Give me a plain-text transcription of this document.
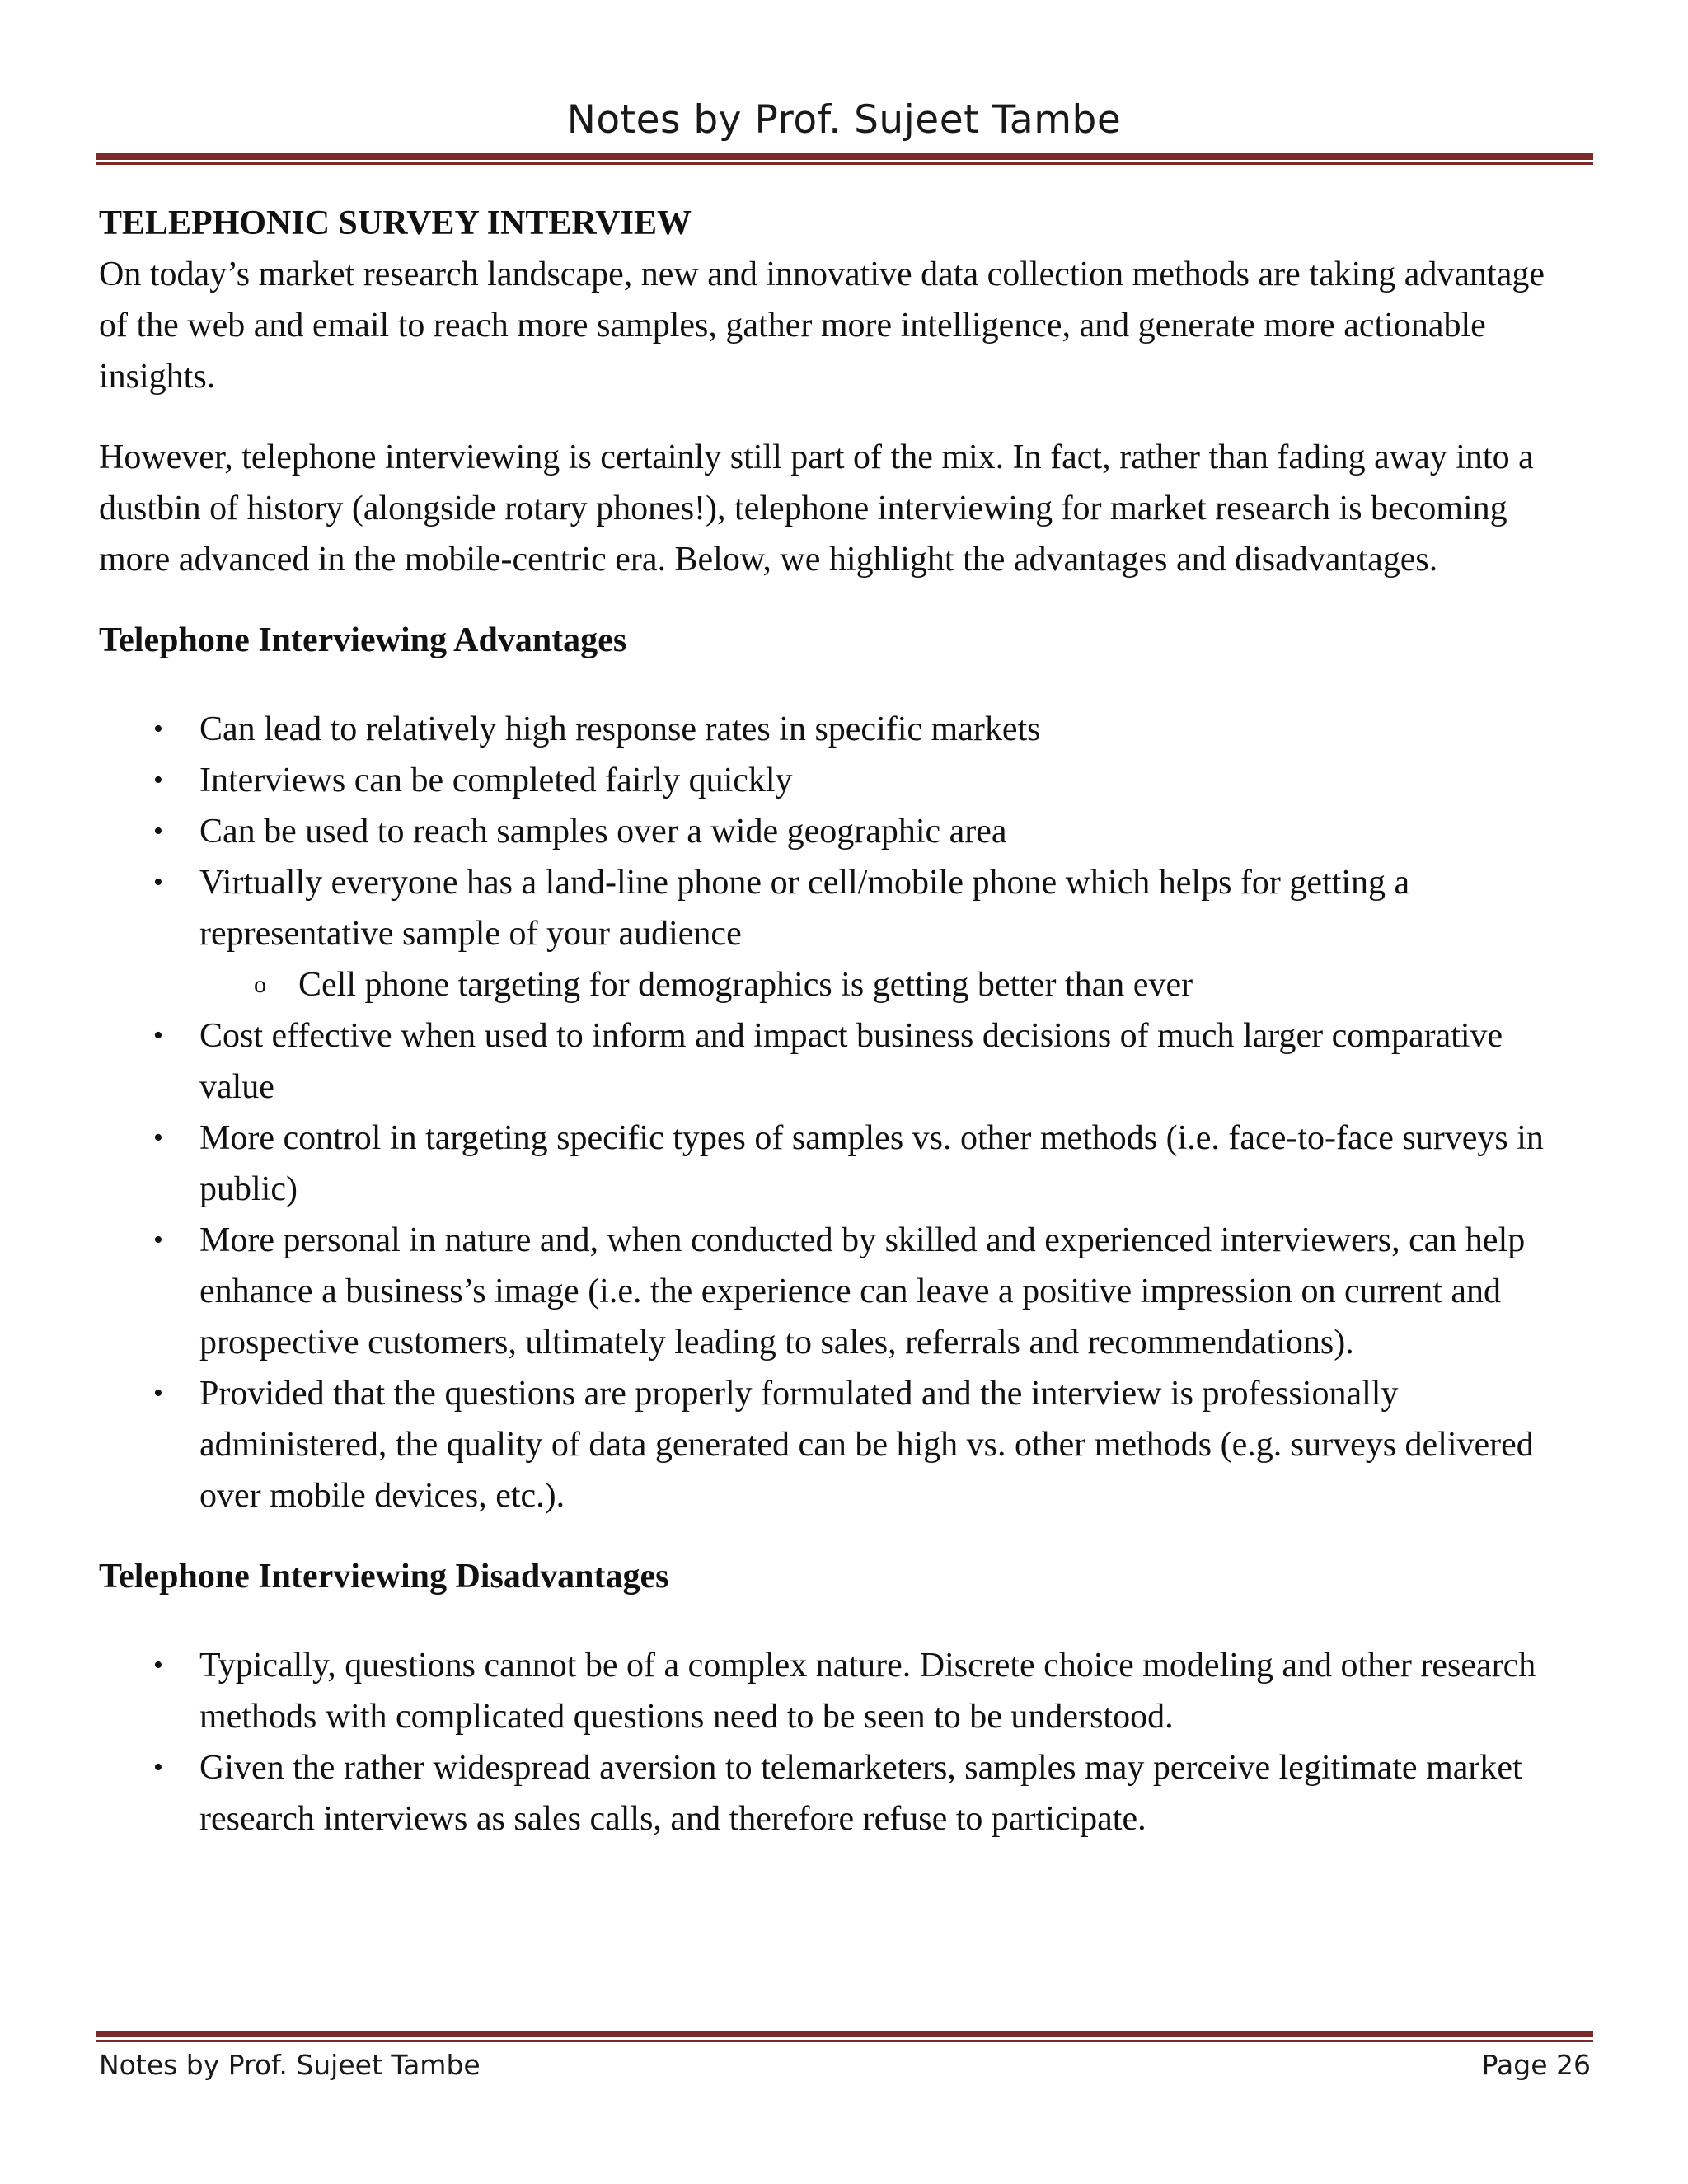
Notes by Prof. Sujeet Tambe

TELEPHONIC SURVEY INTERVIEW

On today’s market research landscape, new and innovative data collection methods are taking advantage of the web and email to reach more samples, gather more intelligence, and generate more actionable insights.

However, telephone interviewing is certainly still part of the mix. In fact, rather than fading away into a dustbin of history (alongside rotary phones!), telephone interviewing for market research is becoming more advanced in the mobile-centric era. Below, we highlight the advantages and disadvantages.

Telephone Interviewing Advantages

• Can lead to relatively high response rates in specific markets
• Interviews can be completed fairly quickly
• Can be used to reach samples over a wide geographic area
• Virtually everyone has a land-line phone or cell/mobile phone which helps for getting a representative sample of your audience
o Cell phone targeting for demographics is getting better than ever
• Cost effective when used to inform and impact business decisions of much larger comparative value
• More control in targeting specific types of samples vs. other methods (i.e. face-to-face surveys in public)
• More personal in nature and, when conducted by skilled and experienced interviewers, can help enhance a business’s image (i.e. the experience can leave a positive impression on current and prospective customers, ultimately leading to sales, referrals and recommendations).
• Provided that the questions are properly formulated and the interview is professionally administered, the quality of data generated can be high vs. other methods (e.g. surveys delivered over mobile devices, etc.).

Telephone Interviewing Disadvantages

• Typically, questions cannot be of a complex nature. Discrete choice modeling and other research methods with complicated questions need to be seen to be understood.
• Given the rather widespread aversion to telemarketers, samples may perceive legitimate market research interviews as sales calls, and therefore refuse to participate.
Notes by Prof. Sujeet Tambe	Page 26
